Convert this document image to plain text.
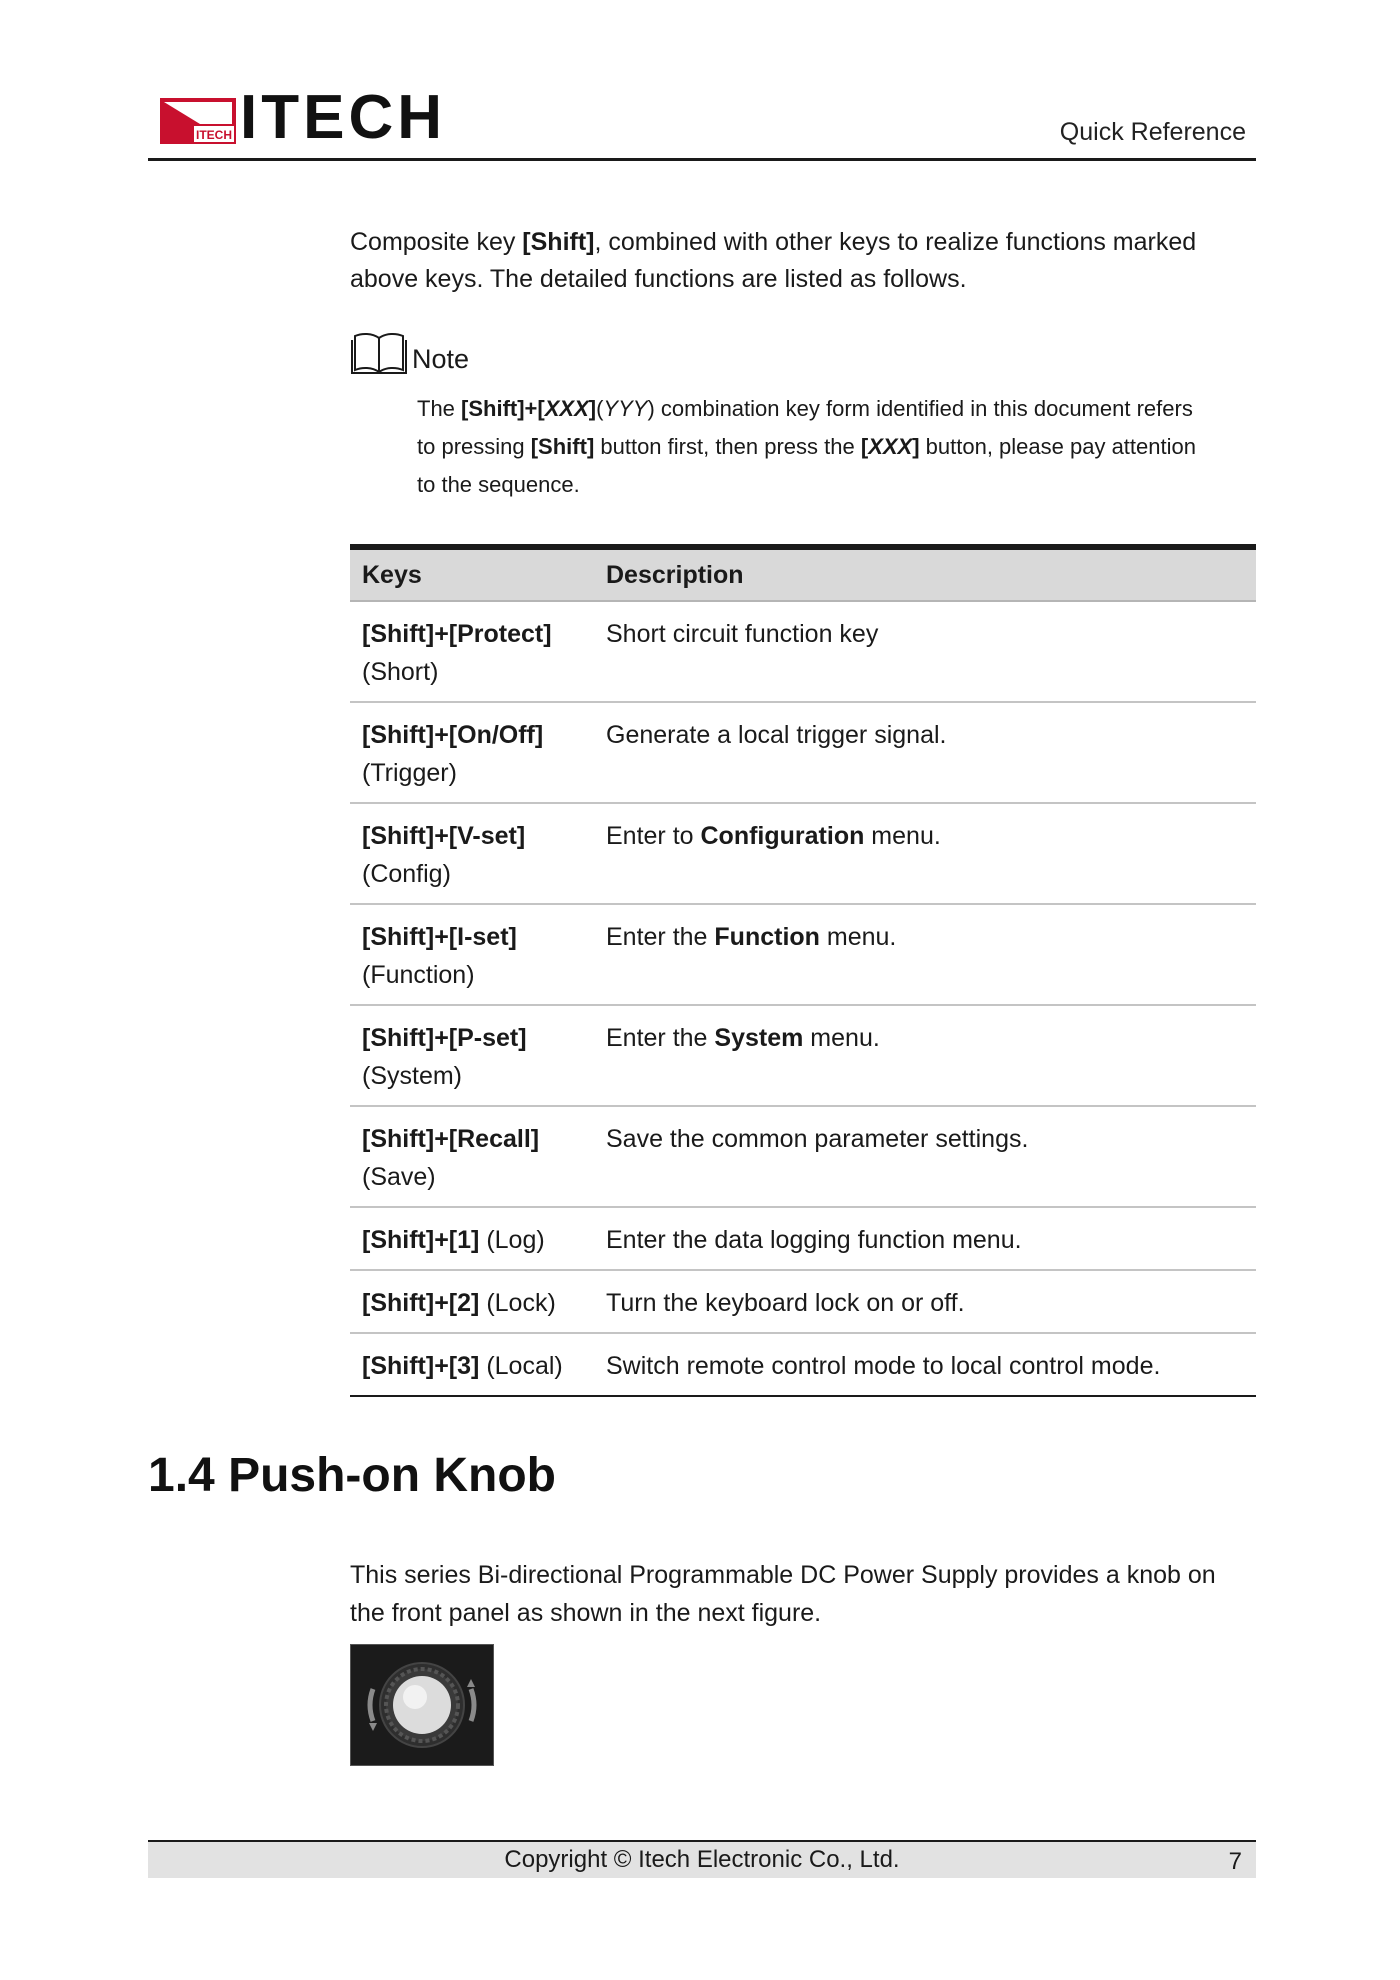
ITECH ITECH	Quick Reference
Composite key [Shift], combined with other keys to realize functions marked above keys. The detailed functions are listed as follows.
Note
The [Shift]+[XXX](YYY) combination key form identified in this document refers to pressing [Shift] button first, then press the [XXX] button, please pay attention to the sequence.
Keys	Description
[Shift]+[Protect] (Short)	Short circuit function key
[Shift]+[On/Off] (Trigger)	Generate a local trigger signal.
[Shift]+[V-set] (Config)	Enter to Configuration menu.
[Shift]+[I-set] (Function)	Enter the Function menu.
[Shift]+[P-set] (System)	Enter the System menu.
[Shift]+[Recall] (Save)	Save the common parameter settings.
[Shift]+[1] (Log)	Enter the data logging function menu.
[Shift]+[2] (Lock)	Turn the keyboard lock on or off.
[Shift]+[3] (Local)	Switch remote control mode to local control mode.
1.4 Push-on Knob
This series Bi-directional Programmable DC Power Supply provides a knob on the front panel as shown in the next figure.
Copyright © Itech Electronic Co., Ltd.	7
